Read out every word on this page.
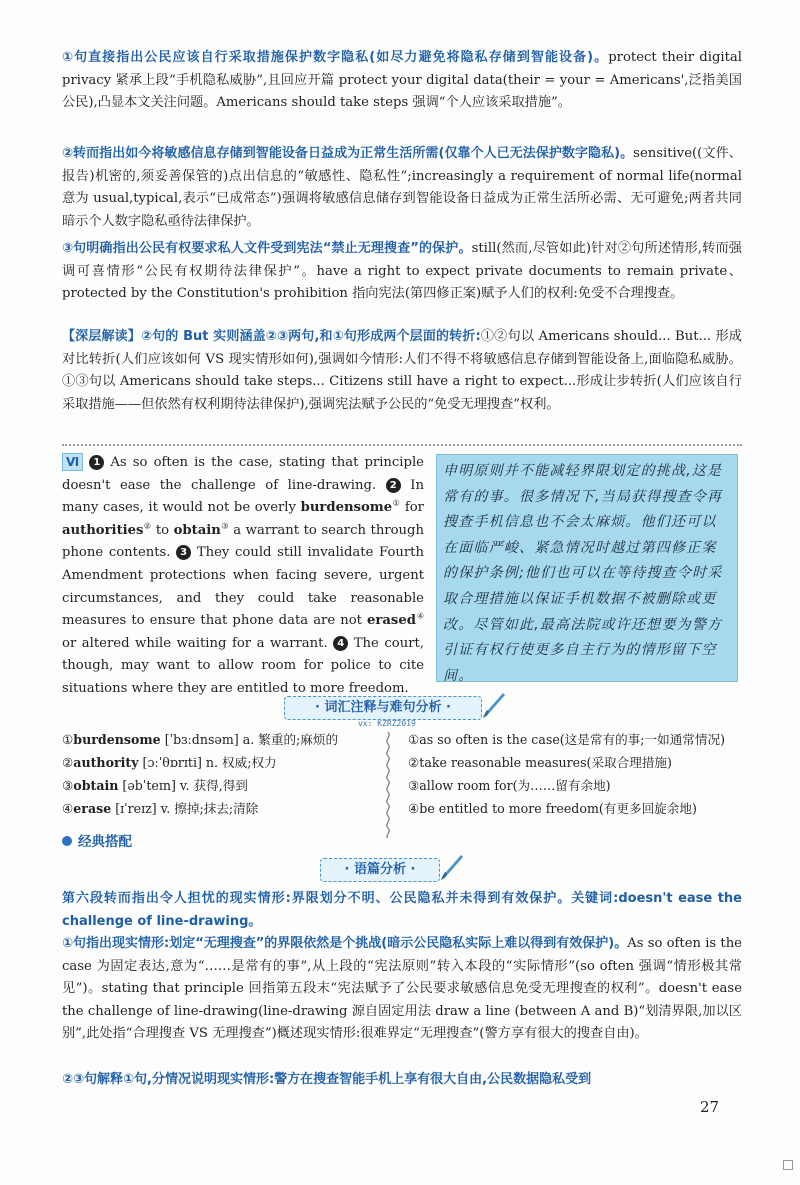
①句直接指出公民应该自行采取措施保护数字隐私(如尽力避免将隐私存储到智能设备)。protect their digital privacy 紧承上段“手机隐私威胁”,且回应开篇 protect your digital data(their = your = Americans',泛指美国公民),凸显本文关注问题。Americans should take steps 强调“个人应该采取措施”。
②转而指出如今将敏感信息存储到智能设备日益成为正常生活所需(仅靠个人已无法保护数字隐私)。sensitive((文件、报告)机密的,须妥善保管的)点出信息的“敏感性、隐私性”;increasingly a requirement of normal life(normal 意为 usual,typical,表示“已成常态”)强调将敏感信息储存到智能设备日益成为正常生活所必需、无可避免;两者共同暗示个人数字隐私亟待法律保护。
③句明确指出公民有权要求私人文件受到宪法“禁止无理搜查”的保护。still(然而,尽管如此)针对②句所述情形,转而强调可喜情形“公民有权期待法律保护”。have a right to expect private documents to remain private、protected by the Constitution's prohibition 指向宪法(第四修正案)赋予人们的权利:免受不合理搜查。
【深层解读】②句的 But 实则涵盖②③两句,和①句形成两个层面的转折:①②句以 Americans should... But... 形成对比转折(人们应该如何 VS 现实情形如何),强调如今情形:人们不得不将敏感信息存储到智能设备上,面临隐私威胁。①③句以 Americans should take steps... Citizens still have a right to expect...形成让步转折(人们应该自行采取措施——但依然有权利期待法律保护),强调宪法赋予公民的“免受无理搜查”权利。
Ⅵ 1 As so often is the case, stating that principle doesn't ease the challenge of line-drawing. 2 In many cases, it would not be overly burdensome① for authorities② to obtain③ a warrant to search through phone contents. 3 They could still invalidate Fourth Amendment protections when facing severe, urgent circumstances, and they could take reasonable measures to ensure that phone data are not erased④ or altered while waiting for a warrant. 4 The court, though, may want to allow room for police to cite situations where they are entitled to more freedom.
申明原则并不能减轻界限划定的挑战,这是常有的事。很多情况下,当局获得搜查令再搜查手机信息也不会太麻烦。他们还可以在面临严峻、紧急情况时越过第四修正案的保护条例;他们也可以在等待搜查令时采取合理措施以保证手机数据不被删除或更改。尽管如此,最高法院或许还想要为警方引证有权行使更多自主行为的情形留下空间。
· 词汇注释与难句分析 ·
vx: KZRZ2019
①burdensome [ˈbɜːdnsəm] a. 繁重的;麻烦的
②authority [ɔːˈθɒrɪti] n. 权威;权力
③obtain [əbˈteɪn] v. 获得,得到
④erase [ɪˈreɪz] v. 擦掉;抹去;清除
①as so often is the case(这是常有的事;一如通常情况)
②take reasonable measures(采取合理措施)
③allow room for(为……留有余地)
④be entitled to more freedom(有更多回旋余地)
经典搭配
· 语篇分析 ·
第六段转而指出令人担忧的现实情形:界限划分不明、公民隐私并未得到有效保护。关键词:doesn't ease the challenge of line-drawing。
①句指出现实情形:划定“无理搜查”的界限依然是个挑战(暗示公民隐私实际上难以得到有效保护)。As so often is the case 为固定表达,意为“……是常有的事”,从上段的“宪法原则”转入本段的“实际情形”(so often 强调“情形极其常见”)。stating that principle 回指第五段末“宪法赋予了公民要求敏感信息免受无理搜查的权利”。doesn't ease the challenge of line-drawing(line-drawing 源自固定用法 draw a line (between A and B)“划清界限,加以区别”,此处指“合理搜查 VS 无理搜查”)概述现实情形:很难界定“无理搜查”(警方享有很大的搜查自由)。
②③句解释①句,分情况说明现实情形:警方在搜查智能手机上享有很大自由,公民数据隐私受到
27
